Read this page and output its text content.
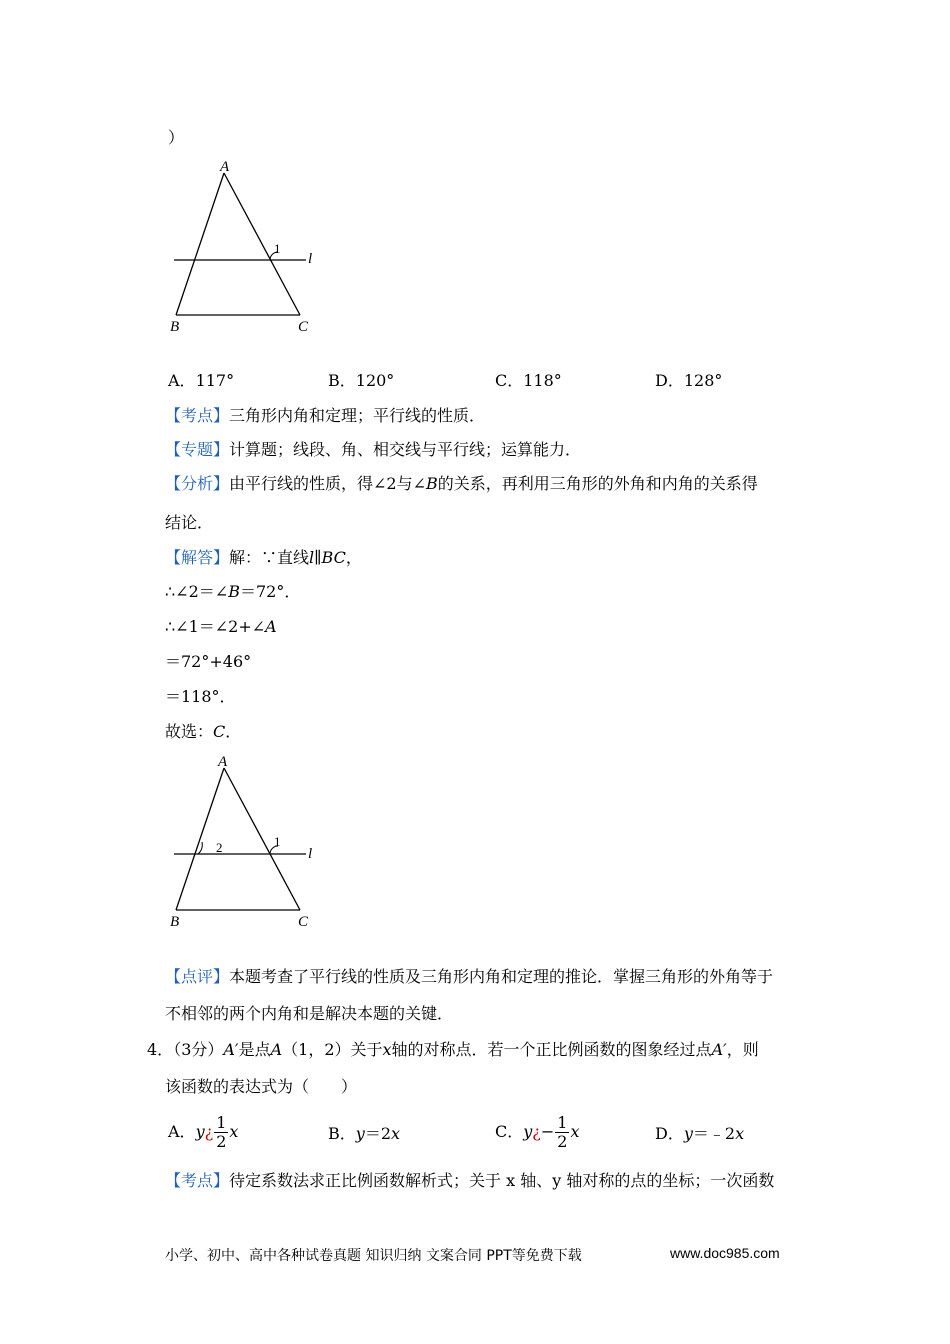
）
A
B	C
1
l
A．117°	B．120°	C．118°	D．128°
【考点】三角形内角和定理；平行线的性质．
【专题】计算题；线段、角、相交线与平行线；运算能力．
【分析】由平行线的性质，得∠2与∠B的关系，再利用三角形的外角和内角的关系得
结论．
【解答】解：∵直线l∥BC，
∴∠2＝∠B＝72°．
∴∠1＝∠2+∠A
＝72°+46°
＝118°．
故选：C．
A
B	C
1
2	l
【点评】本题考查了平行线的性质及三角形内角和定理的推论．掌握三角形的外角等于
不相邻的两个内角和是解决本题的关键．
4．（3分）A′是点A（1，2）关于x轴的对称点．若一个正比例函数的图象经过点A′，则
该函数的表达式为（　　）
A．y¿ $\frac{1}{2}$ x	B．y＝2x	C．y¿− $\frac{1}{2}$ x	D．y＝﹣2x
【考点】待定系数法求正比例函数解析式；关于 x 轴、y 轴对称的点的坐标；一次函数
小学、初中、高中各种试卷真题 知识归纳 文案合同 PPT等免费下载	www.doc985.com
